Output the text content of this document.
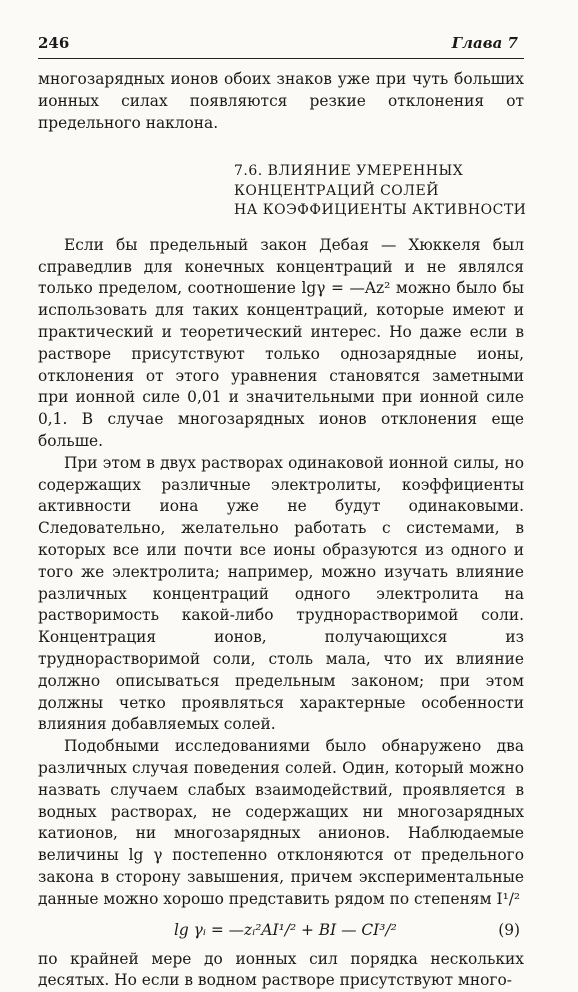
246	Глава 7

многозарядных ионов обоих знаков уже при чуть больших ионных силах появляются резкие отклонения от предельного наклона.

7.6. ВЛИЯНИЕ УМЕРЕННЫХ
КОНЦЕНТРАЦИЙ СОЛЕЙ
НА КОЭФФИЦИЕНТЫ АКТИВНОСТИ

Если бы предельный закон Дебая — Хюккеля был справедлив для конечных концентраций и не являлся только пределом, соотношение lgγ = —Az² можно было бы использовать для таких концентраций, которые имеют и практический и теоретический интерес. Но даже если в растворе присутствуют только однозарядные ионы, отклонения от этого уравнения становятся заметными при ионной силе 0,01 и значительными при ионной силе 0,1. В случае многозарядных ионов отклонения еще больше.

При этом в двух растворах одинаковой ионной силы, но содержащих различные электролиты, коэффициенты активности иона уже не будут одинаковыми. Следовательно, желательно работать с системами, в которых все или почти все ионы образуются из одного и того же электролита; например, можно изучать влияние различных концентраций одного электролита на растворимость какой-либо труднорастворимой соли. Концентрация ионов, получающихся из труднорастворимой соли, столь мала, что их влияние должно описываться предельным законом; при этом должны четко проявляться характерные особенности влияния добавляемых солей.

Подобными исследованиями было обнаружено два различных случая поведения солей. Один, который можно назвать случаем слабых взаимодействий, проявляется в водных растворах, не содержащих ни многозарядных катионов, ни многозарядных анионов. Наблюдаемые величины lg γ постепенно отклоняются от предельного закона в сторону завышения, причем экспериментальные данные можно хорошо представить рядом по степеням I¹/²

lg γᵢ = —zᵢ²AI¹/² + BI — CI³/²	(9)

по крайней мере до ионных сил порядка нескольких десятых. Но если в водном растворе присутствуют много-
